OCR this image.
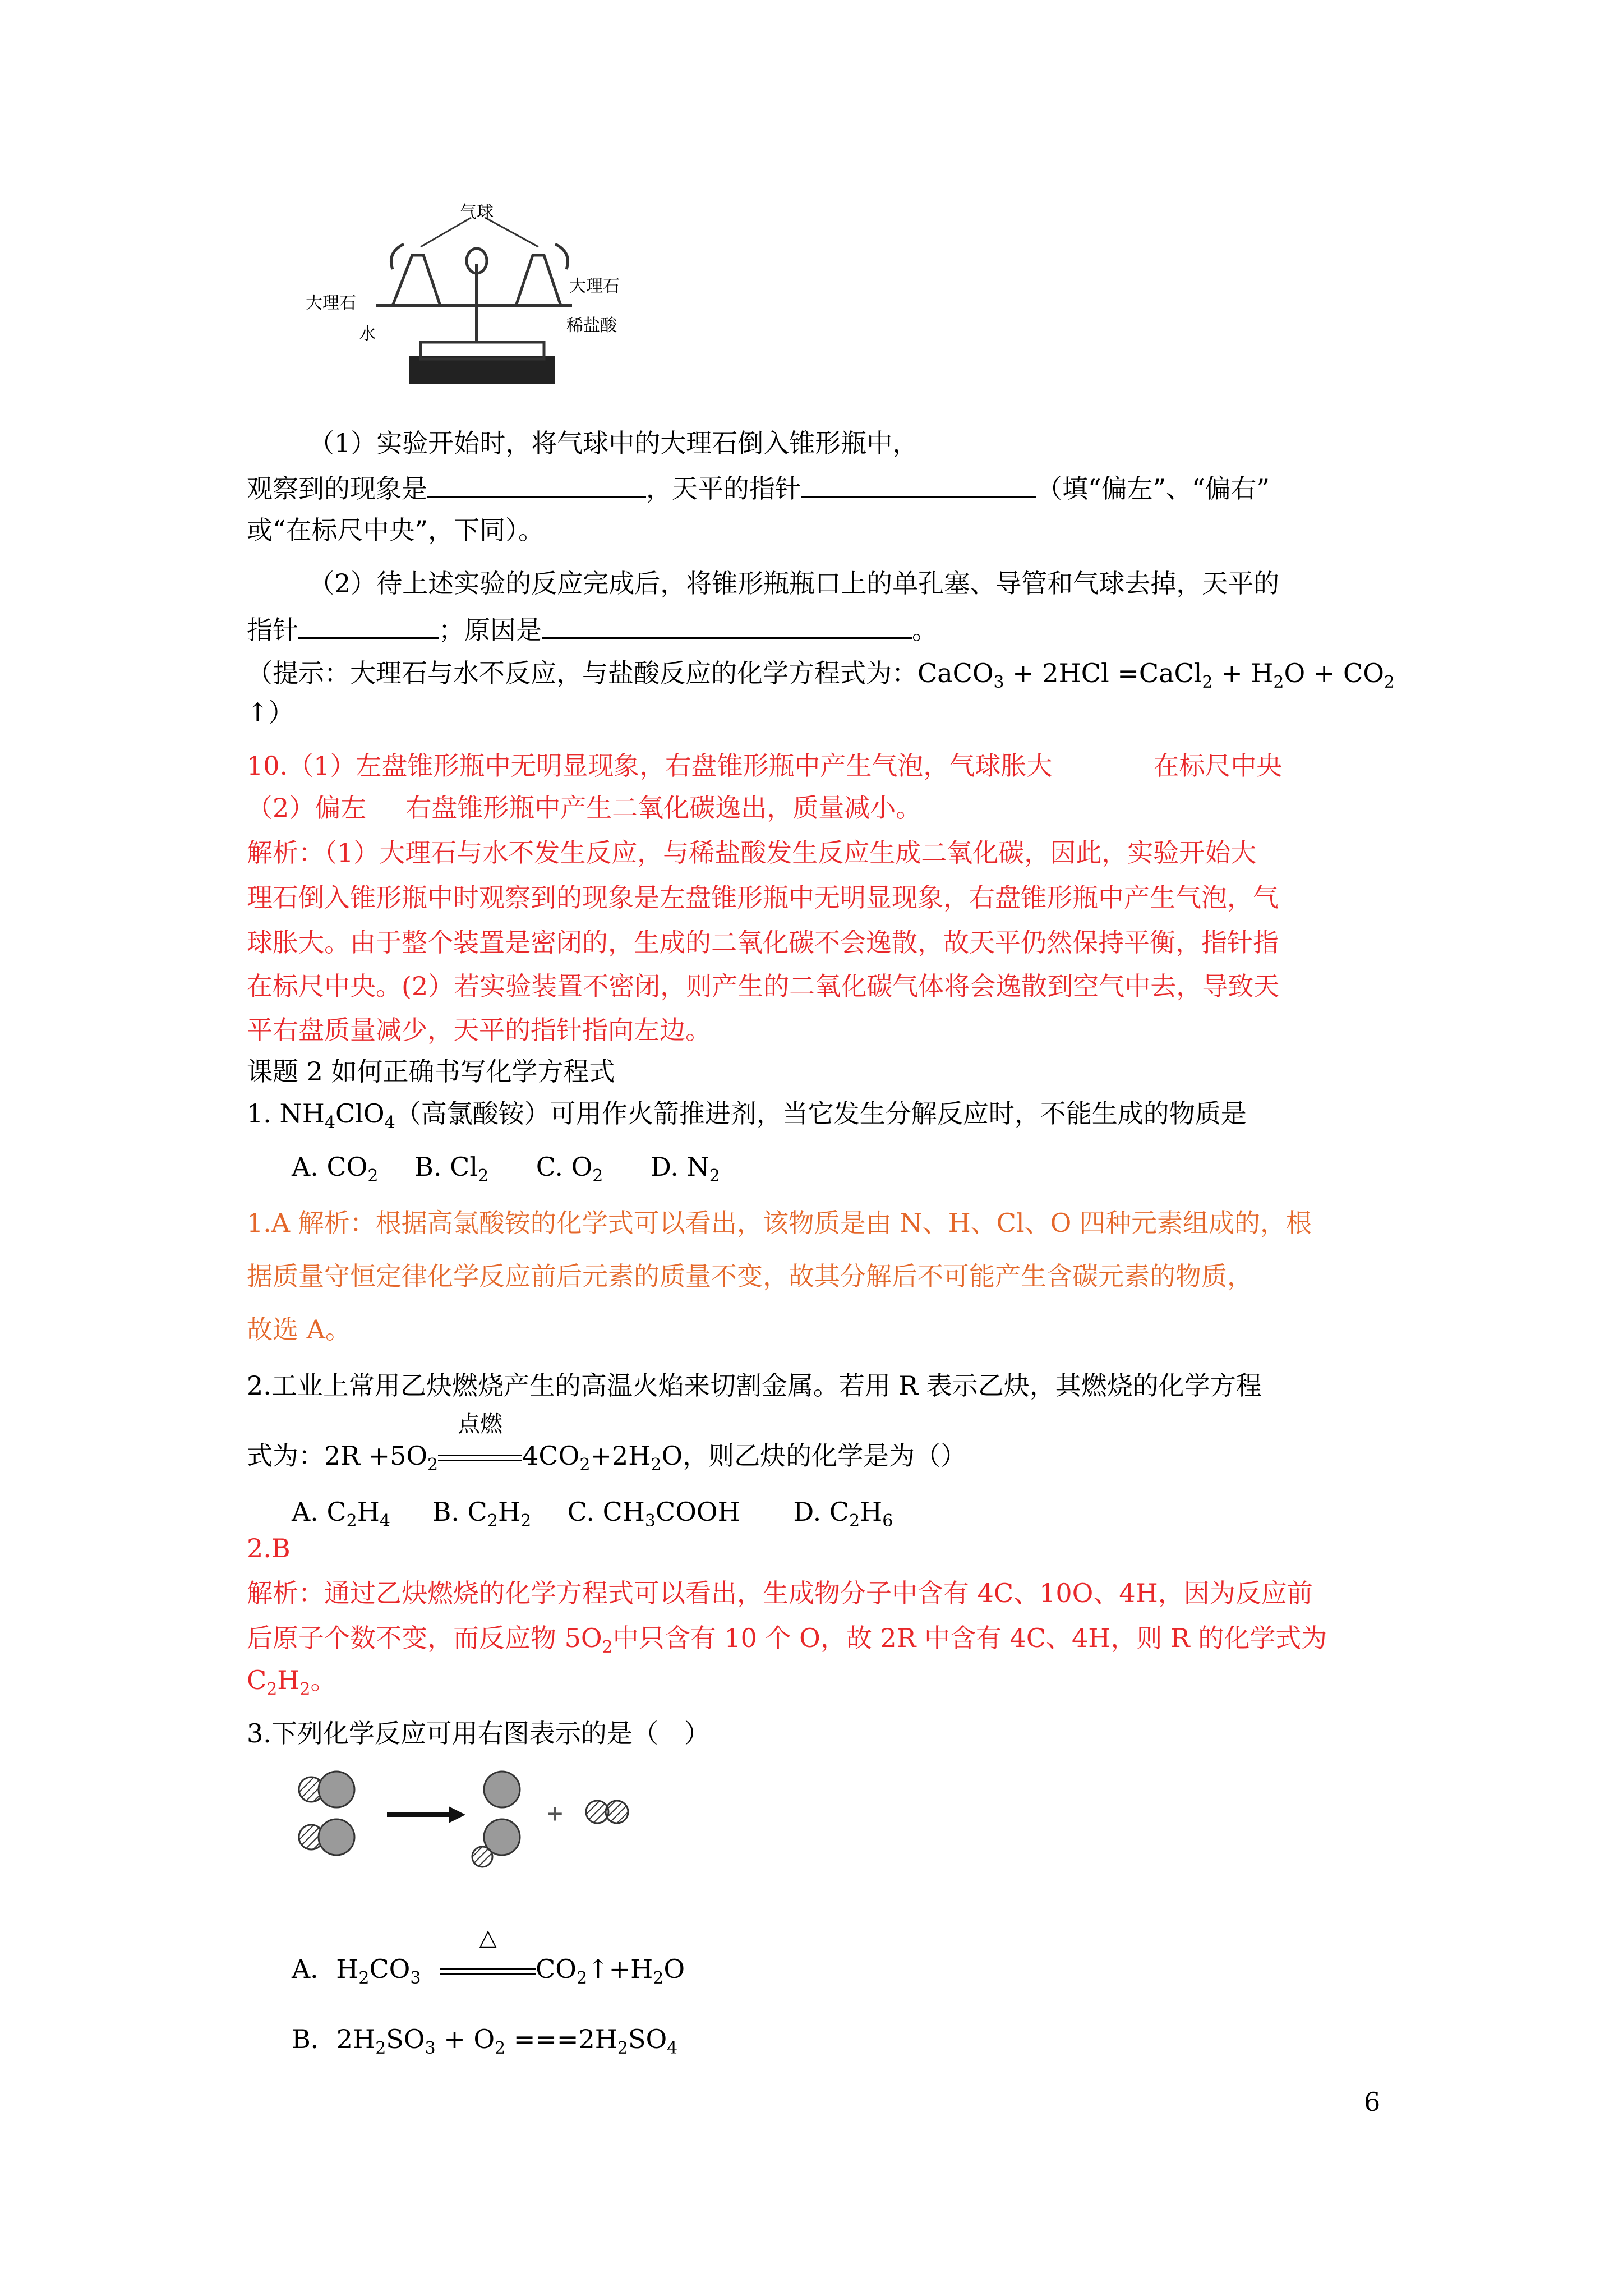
气球
大理石
大理石
水	稀盐酸
（1）实验开始时，将气球中的大理石倒入锥形瓶中，
观察到的现象是	，天平的指针	（填“偏左”、“偏右”
或“在标尺中央”，下同）。
（2）待上述实验的反应完成后，将锥形瓶瓶口上的单孔塞、导管和气球去掉，天平的
指针	；原因是	。
（提示：大理石与水不反应，与盐酸反应的化学方程式为：CaCO$_3$ + 2HCl =CaCl$_2$ + $H_2O + CO_2$
↑）
10.（1）左盘锥形瓶中无明显现象，右盘锥形瓶中产生气泡，气球胀大	在标尺中央
（2）偏左 右盘锥形瓶中产生二氧化碳逸出，质量减小。
解析：（1）大理石与水不发生反应，与稀盐酸发生反应生成二氧化碳，因此，实验开始大
理石倒入锥形瓶中时观察到的现象是左盘锥形瓶中无明显现象，右盘锥形瓶中产生气泡，气
球胀大。由于整个装置是密闭的，生成的二氧化碳不会逸散，故天平仍然保持平衡，指针指
在标尺中央。(2）若实验装置不密闭，则产生的二氧化碳气体将会逸散到空气中去，导致天
平右盘质量减少，天平的指针指向左边。
课题 2 如何正确书写化学方程式
1. $NH_4ClO_4$（高氯酸铵）可用作火箭推进剂，当它发生分解反应时，不能生成的物质是
A. $CO_2$ B. $Cl_2$ C. $O_2$ D. $N_2$
1.A 解析：根据高氯酸铵的化学式可以看出，该物质是由 N、H、Cl、O 四种元素组成的，根
据质量守恒定律化学反应前后元素的质量不变，故其分解后不可能产生含碳元素的物质，
故选 A。
2.工业上常用乙炔燃烧产生的高温火焰来切割金属。若用 R 表示乙炔，其燃烧的化学方程
式为：$2R +5O_2$
点燃
$4CO_2+2H_2O$，则乙炔的化学是为（）
A. $C_2H_4$ B. $C_2H_2$ C. $CH_3COOH$ D. $C_2H_6$
2.B
解析：通过乙炔燃烧的化学方程式可以看出，生成物分子中含有 4C、10O、4H，因为反应前
后原子个数不变，而反应物 $5O_2$中只含有 10 个 O，故 2R 中含有 4C、4H，则 R 的化学式为
$C_2H_2$。
3.下列化学反应可用右图表示的是（　）
+
A．$H_2CO_3$
△
$CO_2↑+H_2O$
B．$2H_2SO_3 + O_2 ===2H_2SO_4$
6
